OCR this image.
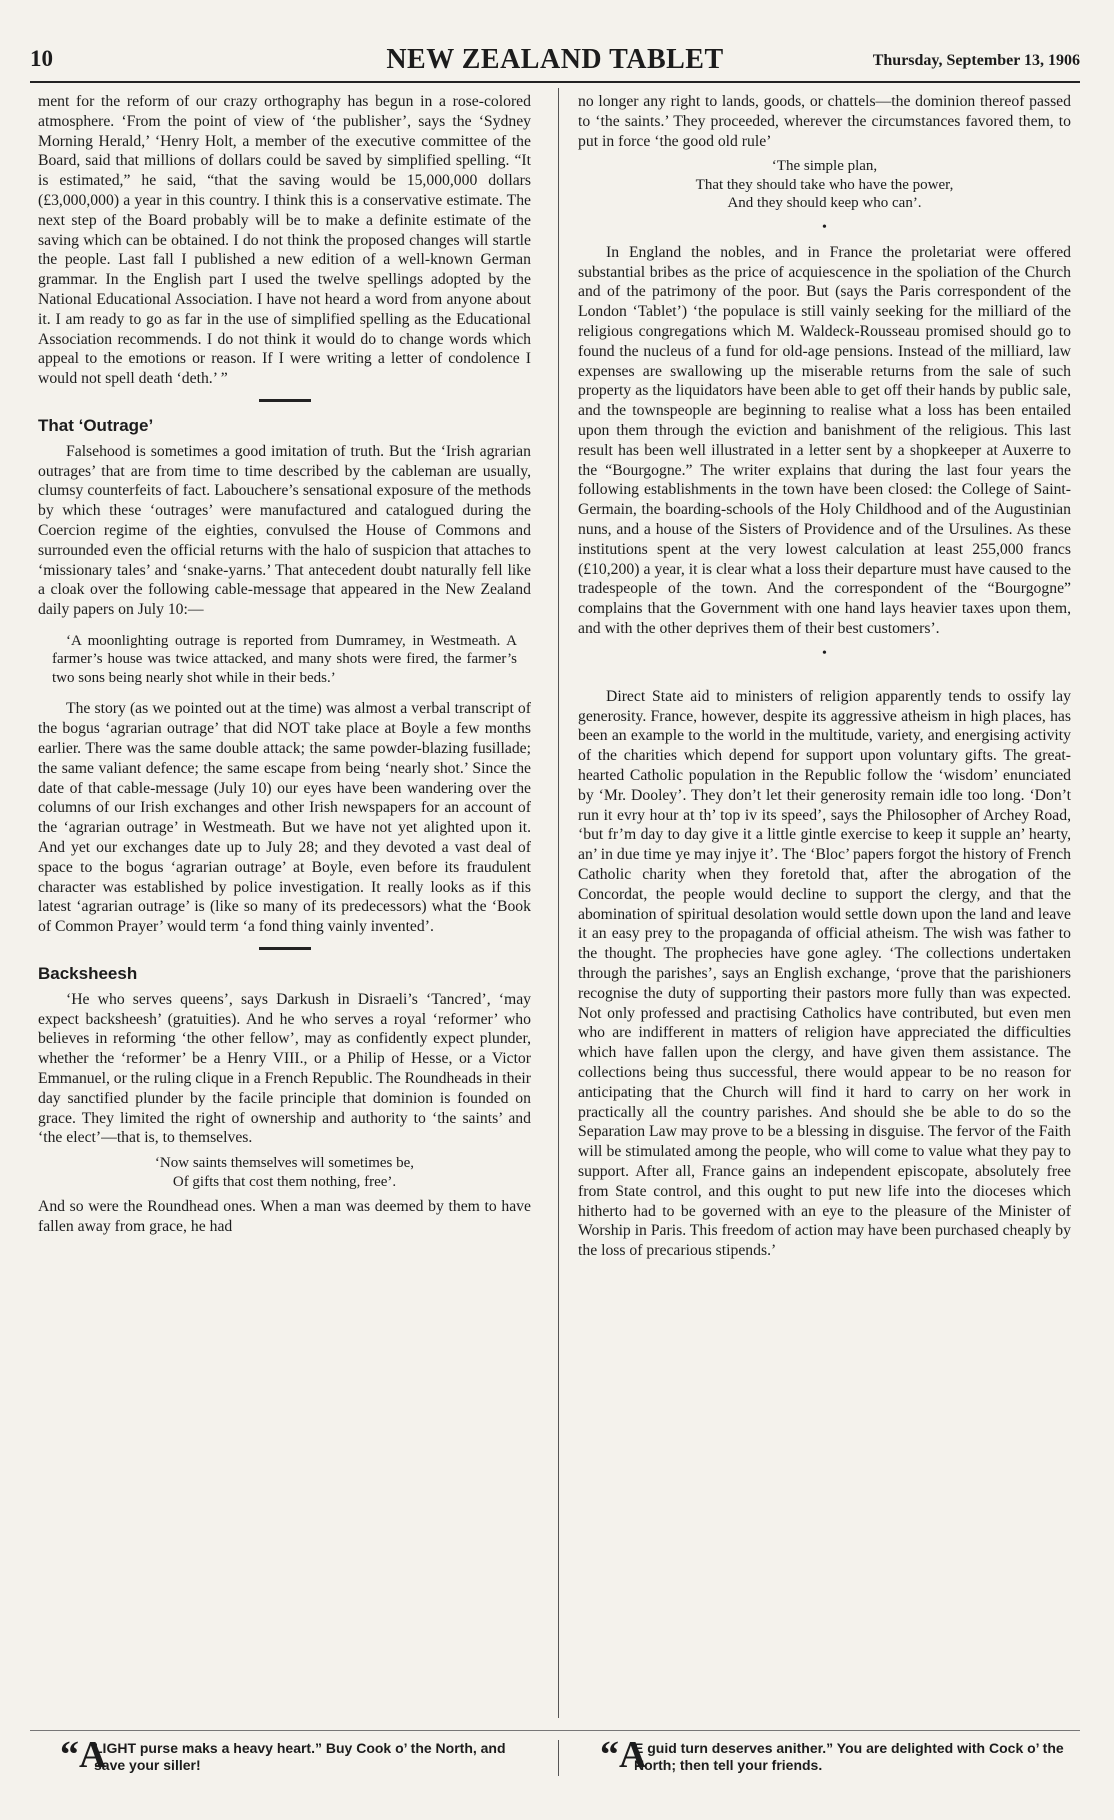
10	NEW ZEALAND TABLET	Thursday, September 13, 1906

ment for the reform of our crazy orthography has begun in a rose-colored atmosphere. ‘From the point of view of ‘the publisher’, says the ‘Sydney Morning Herald,’ ‘Henry Holt, a member of the executive committee of the Board, said that millions of dollars could be saved by simplified spelling. “It is estimated,” he said, “that the saving would be 15,000,000 dollars (£3,000,000) a year in this country. I think this is a conservative estimate. The next step of the Board probably will be to make a definite estimate of the saving which can be obtained. I do not think the proposed changes will startle the people. Last fall I published a new edition of a well-known German grammar. In the English part I used the twelve spellings adopted by the National Educational Association. I have not heard a word from anyone about it. I am ready to go as far in the use of simplified spelling as the Educational Association recommends. I do not think it would do to change words which appeal to the emotions or reason. If I were writing a letter of condolence I would not spell death ‘deth.’ ”

That ‘Outrage’

Falsehood is sometimes a good imitation of truth. But the ‘Irish agrarian outrages’ that are from time to time described by the cableman are usually, clumsy counterfeits of fact. Labouchere’s sensational exposure of the methods by which these ‘outrages’ were manufactured and catalogued during the Coercion regime of the eighties, convulsed the House of Commons and surrounded even the official returns with the halo of suspicion that attaches to ‘missionary tales’ and ‘snake-yarns.’ That antecedent doubt naturally fell like a cloak over the following cable-message that appeared in the New Zealand daily papers on July 10:—

‘A moonlighting outrage is reported from Dumramey, in Westmeath. A farmer’s house was twice attacked, and many shots were fired, the farmer’s two sons being nearly shot while in their beds.’

The story (as we pointed out at the time) was almost a verbal transcript of the bogus ‘agrarian outrage’ that did NOT take place at Boyle a few months earlier. There was the same double attack; the same powder-blazing fusillade; the same valiant defence; the same escape from being ‘nearly shot.’ Since the date of that cable-message (July 10) our eyes have been wandering over the columns of our Irish exchanges and other Irish newspapers for an account of the ‘agrarian outrage’ in Westmeath. But we have not yet alighted upon it. And yet our exchanges date up to July 28; and they devoted a vast deal of space to the bogus ‘agrarian outrage’ at Boyle, even before its fraudulent character was established by police investigation. It really looks as if this latest ‘agrarian outrage’ is (like so many of its predecessors) what the ‘Book of Common Prayer’ would term ‘a fond thing vainly invented’.

Backsheesh

‘He who serves queens’, says Darkush in Disraeli’s ‘Tancred’, ‘may expect backsheesh’ (gratuities). And he who serves a royal ‘reformer’ who believes in reforming ‘the other fellow’, may as confidently expect plunder, whether the ‘reformer’ be a Henry VIII., or a Philip of Hesse, or a Victor Emmanuel, or the ruling clique in a French Republic. The Roundheads in their day sanctified plunder by the facile principle that dominion is founded on grace. They limited the right of ownership and authority to ‘the saints’ and ‘the elect’—that is, to themselves.

‘Now saints themselves will sometimes be,
Of gifts that cost them nothing, free’.

And so were the Roundhead ones. When a man was deemed by them to have fallen away from grace, he had

no longer any right to lands, goods, or chattels—the dominion thereof passed to ‘the saints.’ They proceeded, wherever the circumstances favored them, to put in force ‘the good old rule’

‘The simple plan,
That they should take who have the power,
And they should keep who can’.
•

In England the nobles, and in France the proletariat were offered substantial bribes as the price of acquiescence in the spoliation of the Church and of the patrimony of the poor. But (says the Paris correspondent of the London ‘Tablet’) ‘the populace is still vainly seeking for the milliard of the religious congregations which M. Waldeck-Rousseau promised should go to found the nucleus of a fund for old-age pensions. Instead of the milliard, law expenses are swallowing up the miserable returns from the sale of such property as the liquidators have been able to get off their hands by public sale, and the townspeople are beginning to realise what a loss has been entailed upon them through the eviction and banishment of the religious. This last result has been well illustrated in a letter sent by a shopkeeper at Auxerre to the “Bourgogne.” The writer explains that during the last four years the following establishments in the town have been closed: the College of Saint-Germain, the boarding-schools of the Holy Childhood and of the Augustinian nuns, and a house of the Sisters of Providence and of the Ursulines. As these institutions spent at the very lowest calculation at least 255,000 francs (£10,200) a year, it is clear what a loss their departure must have caused to the tradespeople of the town. And the correspondent of the “Bourgogne” complains that the Government with one hand lays heavier taxes upon them, and with the other deprives them of their best customers’.

•

Direct State aid to ministers of religion apparently tends to ossify lay generosity. France, however, despite its aggressive atheism in high places, has been an example to the world in the multitude, variety, and energising activity of the charities which depend for support upon voluntary gifts. The great-hearted Catholic population in the Republic follow the ‘wisdom’ enunciated by ‘Mr. Dooley’. They don’t let their generosity remain idle too long. ‘Don’t run it evry hour at th’ top iv its speed’, says the Philosopher of Archey Road, ‘but fr’m day to day give it a little gintle exercise to keep it supple an’ hearty, an’ in due time ye may injye it’. The ‘Bloc’ papers forgot the history of French Catholic charity when they foretold that, after the abrogation of the Concordat, the people would decline to support the clergy, and that the abomination of spiritual desolation would settle down upon the land and leave it an easy prey to the propaganda of official atheism. The wish was father to the thought. The prophecies have gone agley. ‘The collections undertaken through the parishes’, says an English exchange, ‘prove that the parishioners recognise the duty of supporting their pastors more fully than was expected. Not only professed and practising Catholics have contributed, but even men who are indifferent in matters of religion have appreciated the difficulties which have fallen upon the clergy, and have given them assistance. The collections being thus successful, there would appear to be no reason for anticipating that the Church will find it hard to carry on her work in practically all the country parishes. And should she be able to do so the Separation Law may prove to be a blessing in disguise. The fervor of the Faith will be stimulated among the people, who will come to value what they pay to support. After all, France gains an independent episcopate, absolutely free from State control, and this ought to put new life into the dioceses which hitherto had to be governed with an eye to the pleasure of the Minister of Worship in Paris. This freedom of action may have been purchased cheaply by the loss of precarious stipends.’

“A
LIGHT purse maks a heavy heart.” Buy Cook o’ the North, and save your siller!	“A
E guid turn deserves anither.” You are delighted with Cock o’ the North; then tell your friends.
